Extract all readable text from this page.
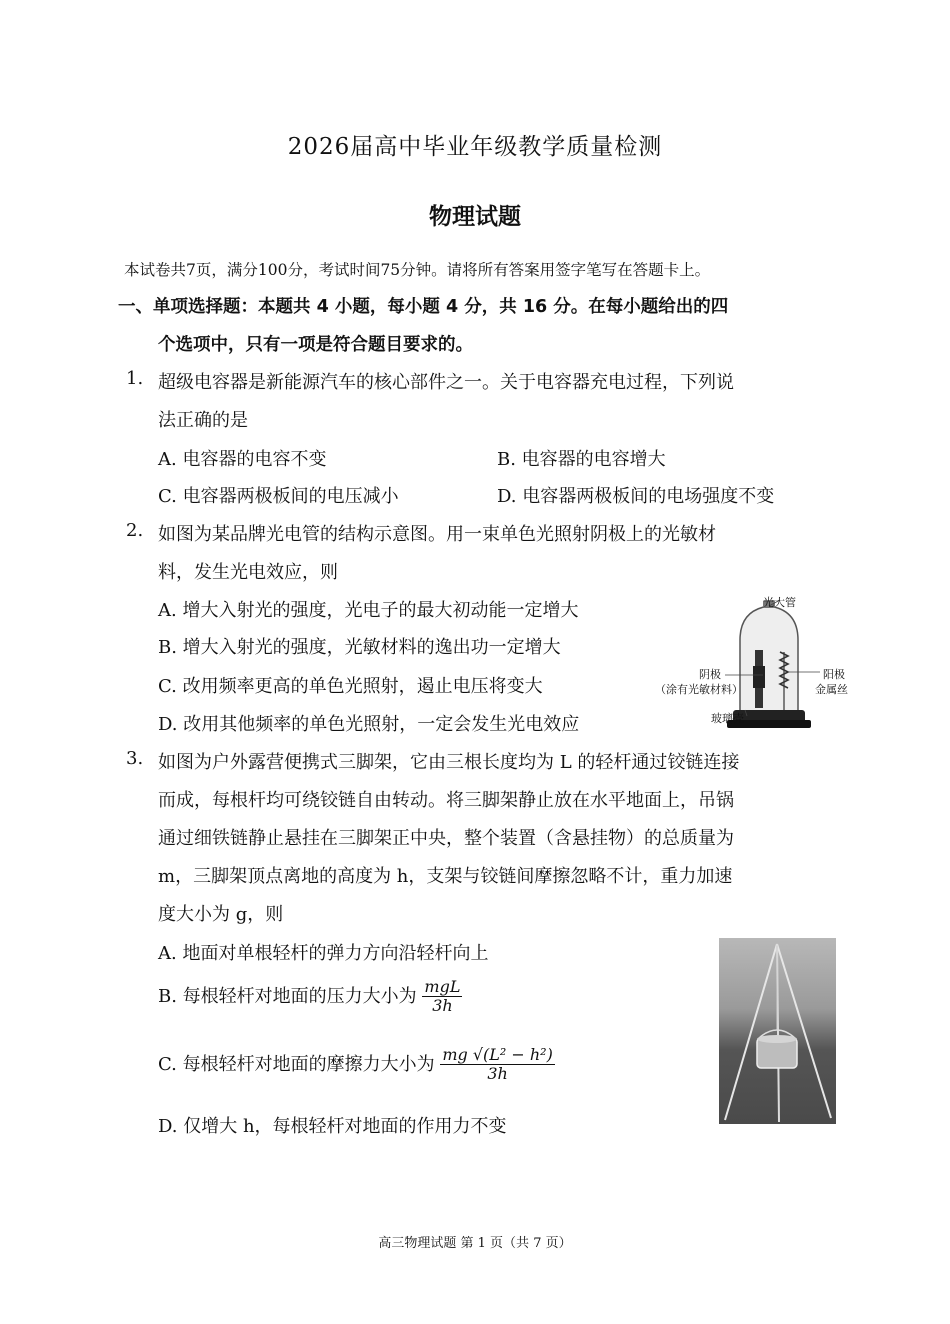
2026届高中毕业年级教学质量检测
物理试题
本试卷共7页，满分100分，考试时间75分钟。请将所有答案用签字笔写在答题卡上。
一、单项选择题：本题共 4 小题，每小题 4 分，共 16 分。在每小题给出的四
个选项中，只有一项是符合题目要求的。
1. 超级电容器是新能源汽车的核心部件之一。关于电容器充电过程，下列说
法正确的是
A. 电容器的电容不变	B. 电容器的电容增大
C. 电容器两极板间的电压减小	D. 电容器两极板间的电场强度不变
2. 如图为某品牌光电管的结构示意图。用一束单色光照射阴极上的光敏材
料，发生光电效应，则
A. 增大入射光的强度，光电子的最大初动能一定增大
B. 增大入射光的强度，光敏材料的逸出功一定增大
C. 改用频率更高的单色光照射，遏止电压将变大
D. 改用其他频率的单色光照射，一定会发生光电效应
光大管
阴极
（涂有光敏材料）
阳极
金属丝
玻璃壳
3. 如图为户外露营便携式三脚架，它由三根长度均为 L 的轻杆通过铰链连接
而成，每根杆均可绕铰链自由转动。将三脚架静止放在水平地面上，吊锅
通过细铁链静止悬挂在三脚架正中央，整个装置（含悬挂物）的总质量为
m，三脚架顶点离地的高度为 h，支架与铰链间摩擦忽略不计，重力加速
度大小为 g，则
A. 地面对单根轻杆的弹力方向沿轻杆向上
B. 每根轻杆对地面的压力大小为 $\frac{\text{mgL}}{3h}$
C. 每根轻杆对地面的摩擦力大小为 $\frac{\text{mg √(L² − h²)}}{3h}$
D. 仅增大 h，每根轻杆对地面的作用力不变
高三物理试题 第 1 页（共 7 页）
